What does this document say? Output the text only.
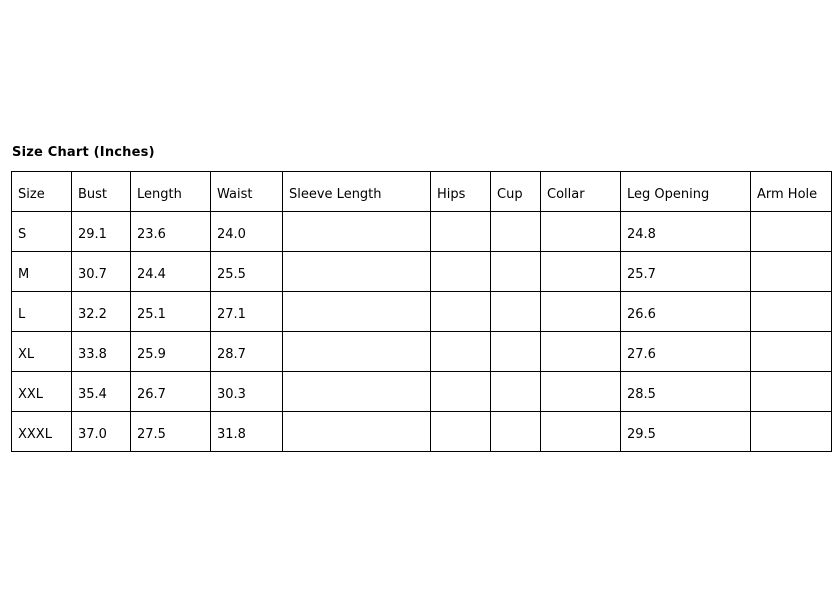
Size Chart (Inches)
Size	Bust	Length	Waist	Sleeve Length	Hips	Cup	Collar	Leg Opening	Arm Hole
S	29.1	23.6	24.0					24.8	
M	30.7	24.4	25.5					25.7	
L	32.2	25.1	27.1					26.6	
XL	33.8	25.9	28.7					27.6	
XXL	35.4	26.7	30.3					28.5	
XXXL	37.0	27.5	31.8					29.5	
